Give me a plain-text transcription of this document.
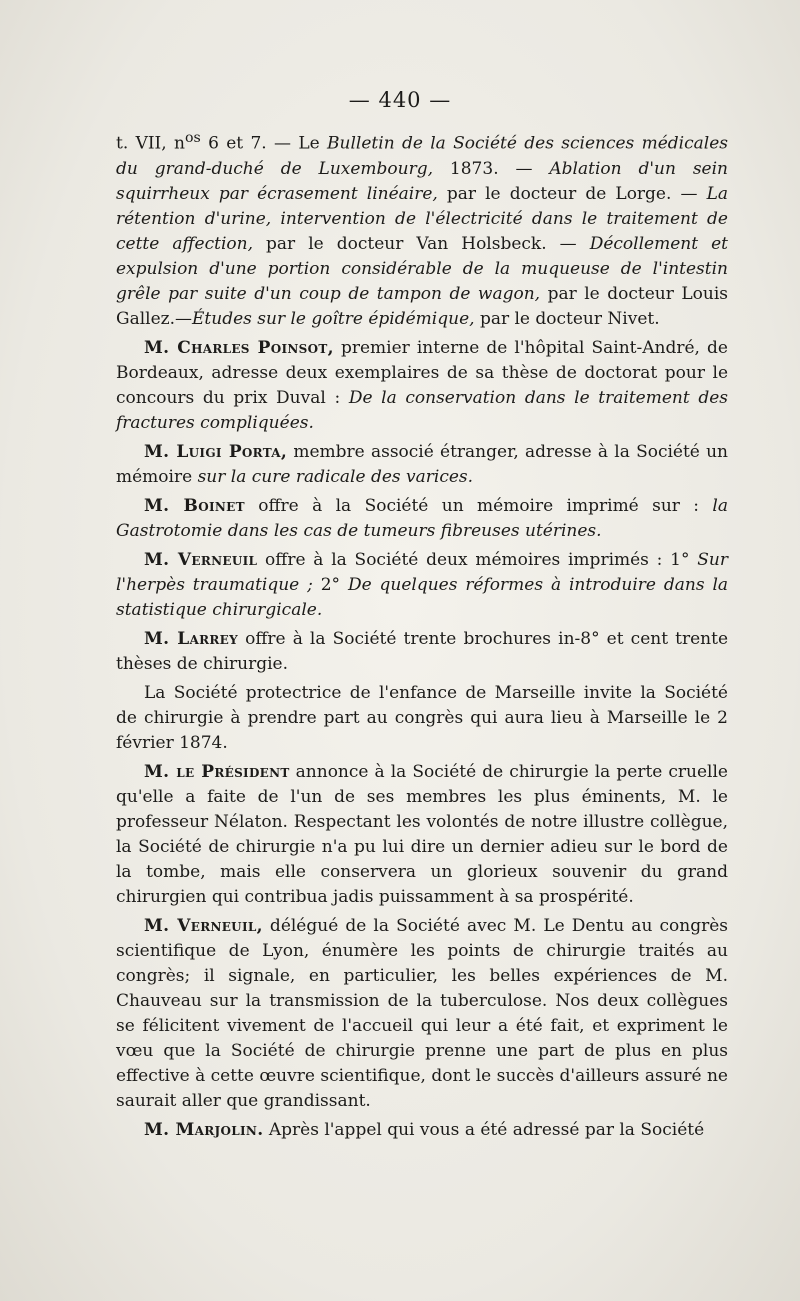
— 440 —

t. VII, $n^{os}$ 6 et 7. — Le Bulletin de la Société des sciences médicales du grand-duché de Luxembourg, 1873. — Ablation d'un sein squirrheux par écrasement linéaire, par le docteur de Lorge. — La rétention d'urine, intervention de l'électricité dans le traitement de cette affection, par le docteur Van Holsbeck. — Décollement et expulsion d'une portion considérable de la muqueuse de l'intestin grêle par suite d'un coup de tampon de wagon, par le docteur Louis Gallez.—Études sur le goître épidémique, par le docteur Nivet.

M. Charles Poinsot, premier interne de l'hôpital Saint-André, de Bordeaux, adresse deux exemplaires de sa thèse de doctorat pour le concours du prix Duval : De la conservation dans le traitement des fractures compliquées.

M. Luigi Porta, membre associé étranger, adresse à la Société un mémoire sur la cure radicale des varices.

M. Boinet offre à la Société un mémoire imprimé sur : la Gastrotomie dans les cas de tumeurs fibreuses utérines.

M. Verneuil offre à la Société deux mémoires imprimés : 1° Sur l'herpès traumatique ; 2° De quelques réformes à introduire dans la statistique chirurgicale.

M. Larrey offre à la Société trente brochures in-8° et cent trente thèses de chirurgie.

La Société protectrice de l'enfance de Marseille invite la Société de chirurgie à prendre part au congrès qui aura lieu à Marseille le 2 février 1874.

M. le Président annonce à la Société de chirurgie la perte cruelle qu'elle a faite de l'un de ses membres les plus éminents, M. le professeur Nélaton. Respectant les volontés de notre illustre collègue, la Société de chirurgie n'a pu lui dire un dernier adieu sur le bord de la tombe, mais elle conservera un glorieux souvenir du grand chirurgien qui contribua jadis puissamment à sa prospérité.

M. Verneuil, délégué de la Société avec M. Le Dentu au congrès scientifique de Lyon, énumère les points de chirurgie traités au congrès; il signale, en particulier, les belles expériences de M. Chauveau sur la transmission de la tuberculose. Nos deux collègues se félicitent vivement de l'accueil qui leur a été fait, et expriment le vœu que la Société de chirurgie prenne une part de plus en plus effective à cette œuvre scientifique, dont le succès d'ailleurs assuré ne saurait aller que grandissant.

M. Marjolin. Après l'appel qui vous a été adressé par la Société
